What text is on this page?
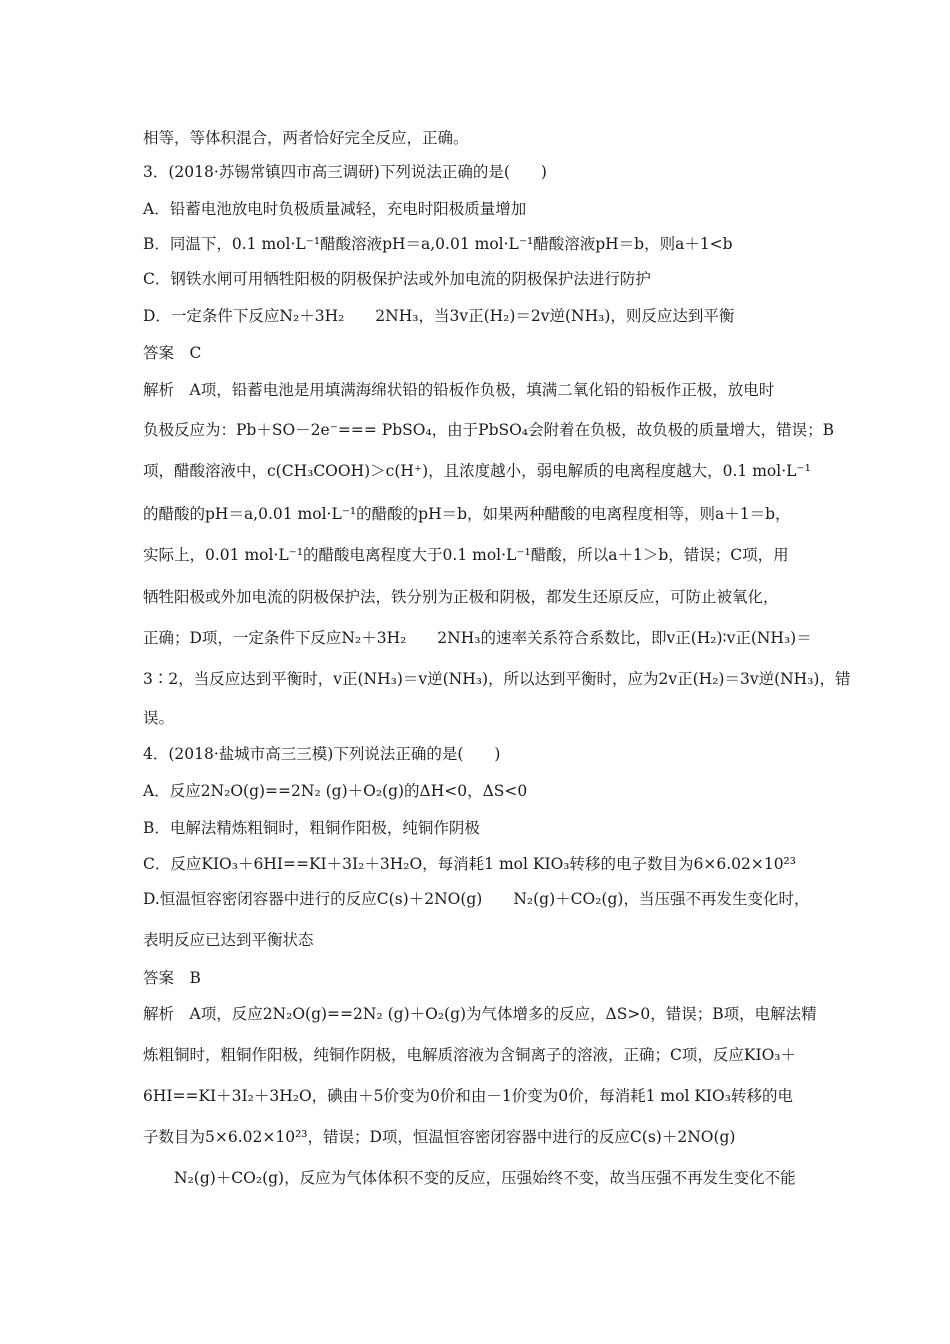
相等，等体积混合，两者恰好完全反应，正确。
3．(2018·苏锡常镇四市高三调研)下列说法正确的是(　　)
A．铅蓄电池放电时负极质量减轻，充电时阳极质量增加
B．同温下，0.1 mol·L⁻¹醋酸溶液pH＝a,0.01 mol·L⁻¹醋酸溶液pH＝b，则a＋1<b
C．钢铁水闸可用牺牲阳极的阴极保护法或外加电流的阴极保护法进行防护
D．一定条件下反应N₂＋3H₂　　2NH₃，当3v正(H₂)＝2v逆(NH₃)，则反应达到平衡
答案　C
解析　A项，铅蓄电池是用填满海绵状铅的铅板作负极，填满二氧化铅的铅板作正极，放电时
负极反应为：Pb＋SO－2e⁻=== PbSO₄，由于PbSO₄会附着在负极，故负极的质量增大，错误；B
项，醋酸溶液中，c(CH₃COOH)＞c(H⁺)，且浓度越小，弱电解质的电离程度越大，0.1 mol·L⁻¹
的醋酸的pH＝a,0.01 mol·L⁻¹的醋酸的pH＝b，如果两种醋酸的电离程度相等，则a＋1＝b，
实际上，0.01 mol·L⁻¹的醋酸电离程度大于0.1 mol·L⁻¹醋酸，所以a＋1＞b，错误；C项，用
牺牲阳极或外加电流的阴极保护法，铁分别为正极和阴极，都发生还原反应，可防止被氧化，
正确；D项，一定条件下反应N₂＋3H₂　　2NH₃的速率关系符合系数比，即v正(H₂)∶v正(NH₃)＝
3∶2，当反应达到平衡时，v正(NH₃)＝v逆(NH₃)，所以达到平衡时，应为2v正(H₂)＝3v逆(NH₃)，错
误。
4．(2018·盐城市高三三模)下列说法正确的是(　　)
A．反应2N₂O(g)==2N₂ (g)＋O₂(g)的ΔH<0，ΔS<0
B．电解法精炼粗铜时，粗铜作阳极，纯铜作阴极
C．反应KIO₃＋6HI==KI＋3I₂＋3H₂O，每消耗1 mol KIO₃转移的电子数目为6×6.02×10²³
D.恒温恒容密闭容器中进行的反应C(s)＋2NO(g)　　N₂(g)＋CO₂(g)，当压强不再发生变化时，
表明反应已达到平衡状态
答案　B
解析　A项，反应2N₂O(g)==2N₂ (g)＋O₂(g)为气体增多的反应，ΔS>0，错误；B项，电解法精
炼粗铜时，粗铜作阳极，纯铜作阴极，电解质溶液为含铜离子的溶液，正确；C项，反应KIO₃＋
6HI==KI＋3I₂＋3H₂O，碘由＋5价变为0价和由－1价变为0价，每消耗1 mol KIO₃转移的电
子数目为5×6.02×10²³，错误；D项，恒温恒容密闭容器中进行的反应C(s)＋2NO(g)
N₂(g)＋CO₂(g)，反应为气体体积不变的反应，压强始终不变，故当压强不再发生变化不能
